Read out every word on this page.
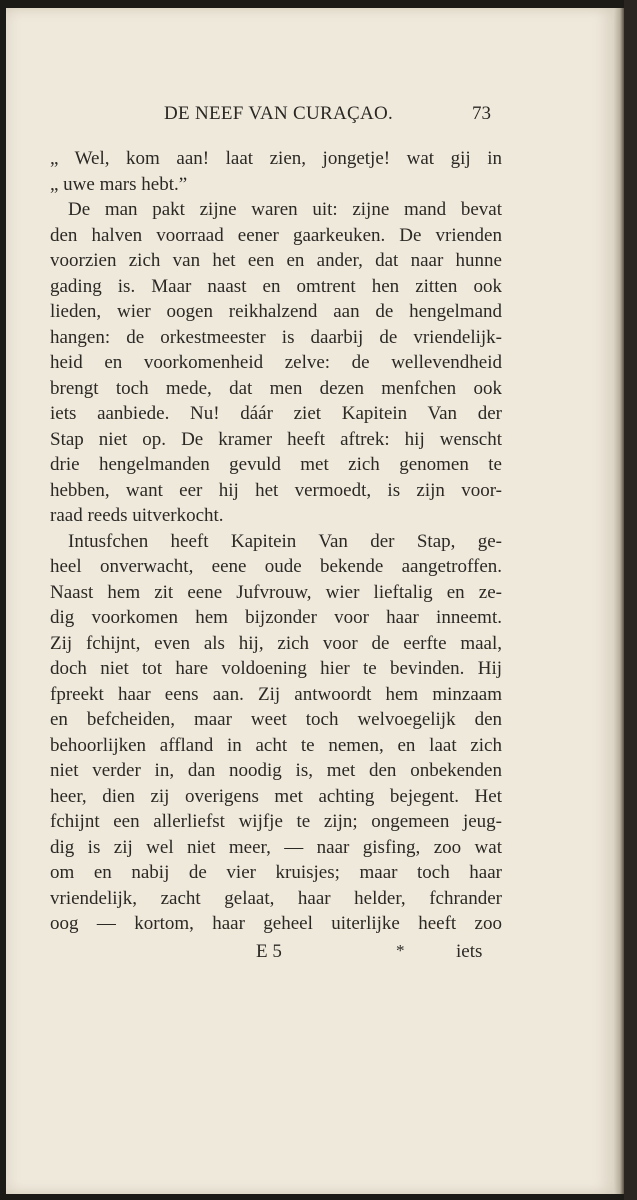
DE NEEF VAN CURAÇAO.	73
„ Wel, kom aan! laat zien, jongetje! wat gij in
„ uwe mars hebt.”
De man pakt zijne waren uit: zijne mand bevat
den halven voorraad eener gaarkeuken. De vrienden
voorzien zich van het een en ander, dat naar hunne
gading is. Maar naast en omtrent hen zitten ook
lieden, wier oogen reikhalzend aan de hengelmand
hangen: de orkestmeester is daarbij de vriendelijk-
heid en voorkomenheid zelve: de wellevendheid
brengt toch mede, dat men dezen menfchen ook
iets aanbiede. Nu! dáár ziet Kapitein Van der
Stap niet op. De kramer heeft aftrek: hij wenscht
drie hengelmanden gevuld met zich genomen te
hebben, want eer hij het vermoedt, is zijn voor-
raad reeds uitverkocht.
Intusfchen heeft Kapitein Van der Stap, ge-
heel onverwacht, eene oude bekende aangetroffen.
Naast hem zit eene Jufvrouw, wier lieftalig en ze-
dig voorkomen hem bijzonder voor haar inneemt.
Zij fchijnt, even als hij, zich voor de eerfte maal,
doch niet tot hare voldoening hier te bevinden. Hij
fpreekt haar eens aan. Zij antwoordt hem minzaam
en befcheiden, maar weet toch welvoegelijk den
behoorlijken affland in acht te nemen, en laat zich
niet verder in, dan noodig is, met den onbekenden
heer, dien zij overigens met achting bejegent. Het
fchijnt een allerliefst wijfje te zijn; ongemeen jeug-
dig is zij wel niet meer, — naar gisfing, zoo wat
om en nabij de vier kruisjes; maar toch haar
vriendelijk, zacht gelaat, haar helder, fchrander
oog — kortom, haar geheel uiterlijke heeft zoo
E 5	*	iets
